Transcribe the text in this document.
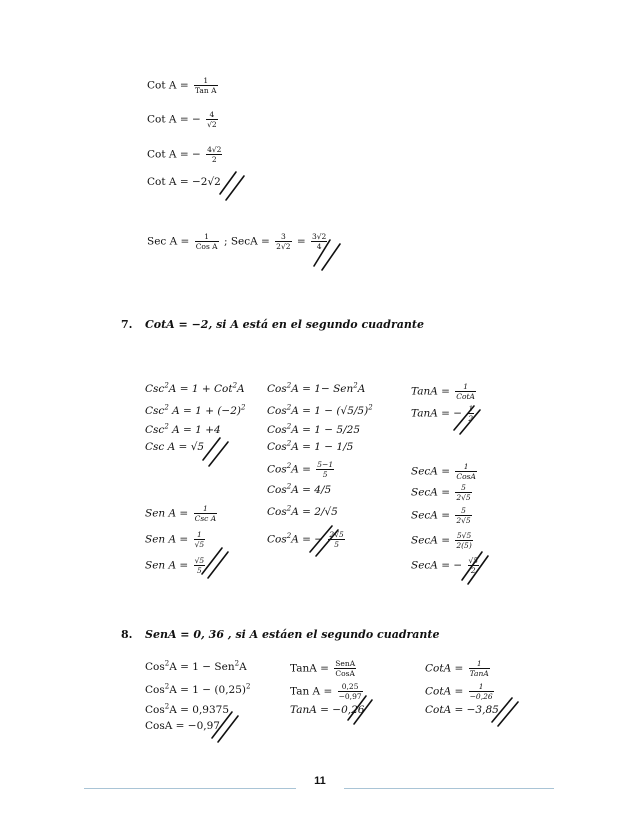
Cot $A = \frac{1}{\text{Tan A}}$
Cot A = − $\frac{4}{√2}$
Cot A = − $\frac{4√2}{2}$
Cot A = −2√2
Sec $A = \frac{1}{\text{Cos A}}$ ; SecA = $\frac{3}{2√2} = \frac{3√2}{4}$
7. CotA = −2, si A está en el segundo cuadrante
Csc$^2$A = 1 + Cot$^2$A
Csc$^2$ $A = 1 + (-2)^2$
Csc$^2$ A = 1 +4
Csc A = √5
Sen $A = \frac{1}{\text{Csc A}}$
Sen $A = \frac{1}{√5}$
Sen $A = \frac{√5}{5}$
Cos$^2$A = 1− Sen$^2$A
$Cos^2A = 1 - (√5/5)^2$
Cos$^2$A = 1 − 5/25
Cos$^2$A = 1 − 1/5
$Cos^2A = \frac{5-1}{5}$
Cos$^2$A = 4/5
Cos$^2$A = 2/√5
Cos$^2$A = − $\frac{2√5}{5}$
TanA = $\frac{1}{\text{CotA}}$
TanA = − $\frac{1}{2}$
SecA = $\frac{1}{\text{CosA}}$
SecA = $\frac{5}{2√5}$
SecA = $\frac{5}{2√5}$
SecA = $\frac{5√5}{2(5)}$
SecA = − $\frac{√5}{2}$
8. SenA = 0, 36 , si A estáen el segundo cuadrante
Cos$^2$A = 1 − Sen$^2$A
$Cos^2A = 1 - (0,25)^2$
Cos$^2$A = 0,9375
CosA = −0,97
TanA = $\frac{\text{SenA}}{\text{CosA}}$
Tan $A = \frac{0,25}{-0,97}$
TanA = −0,26
CotA = $\frac{1}{\text{TanA}}$
CotA = $\frac{1}{-0,26}$
CotA = −3,85
11
